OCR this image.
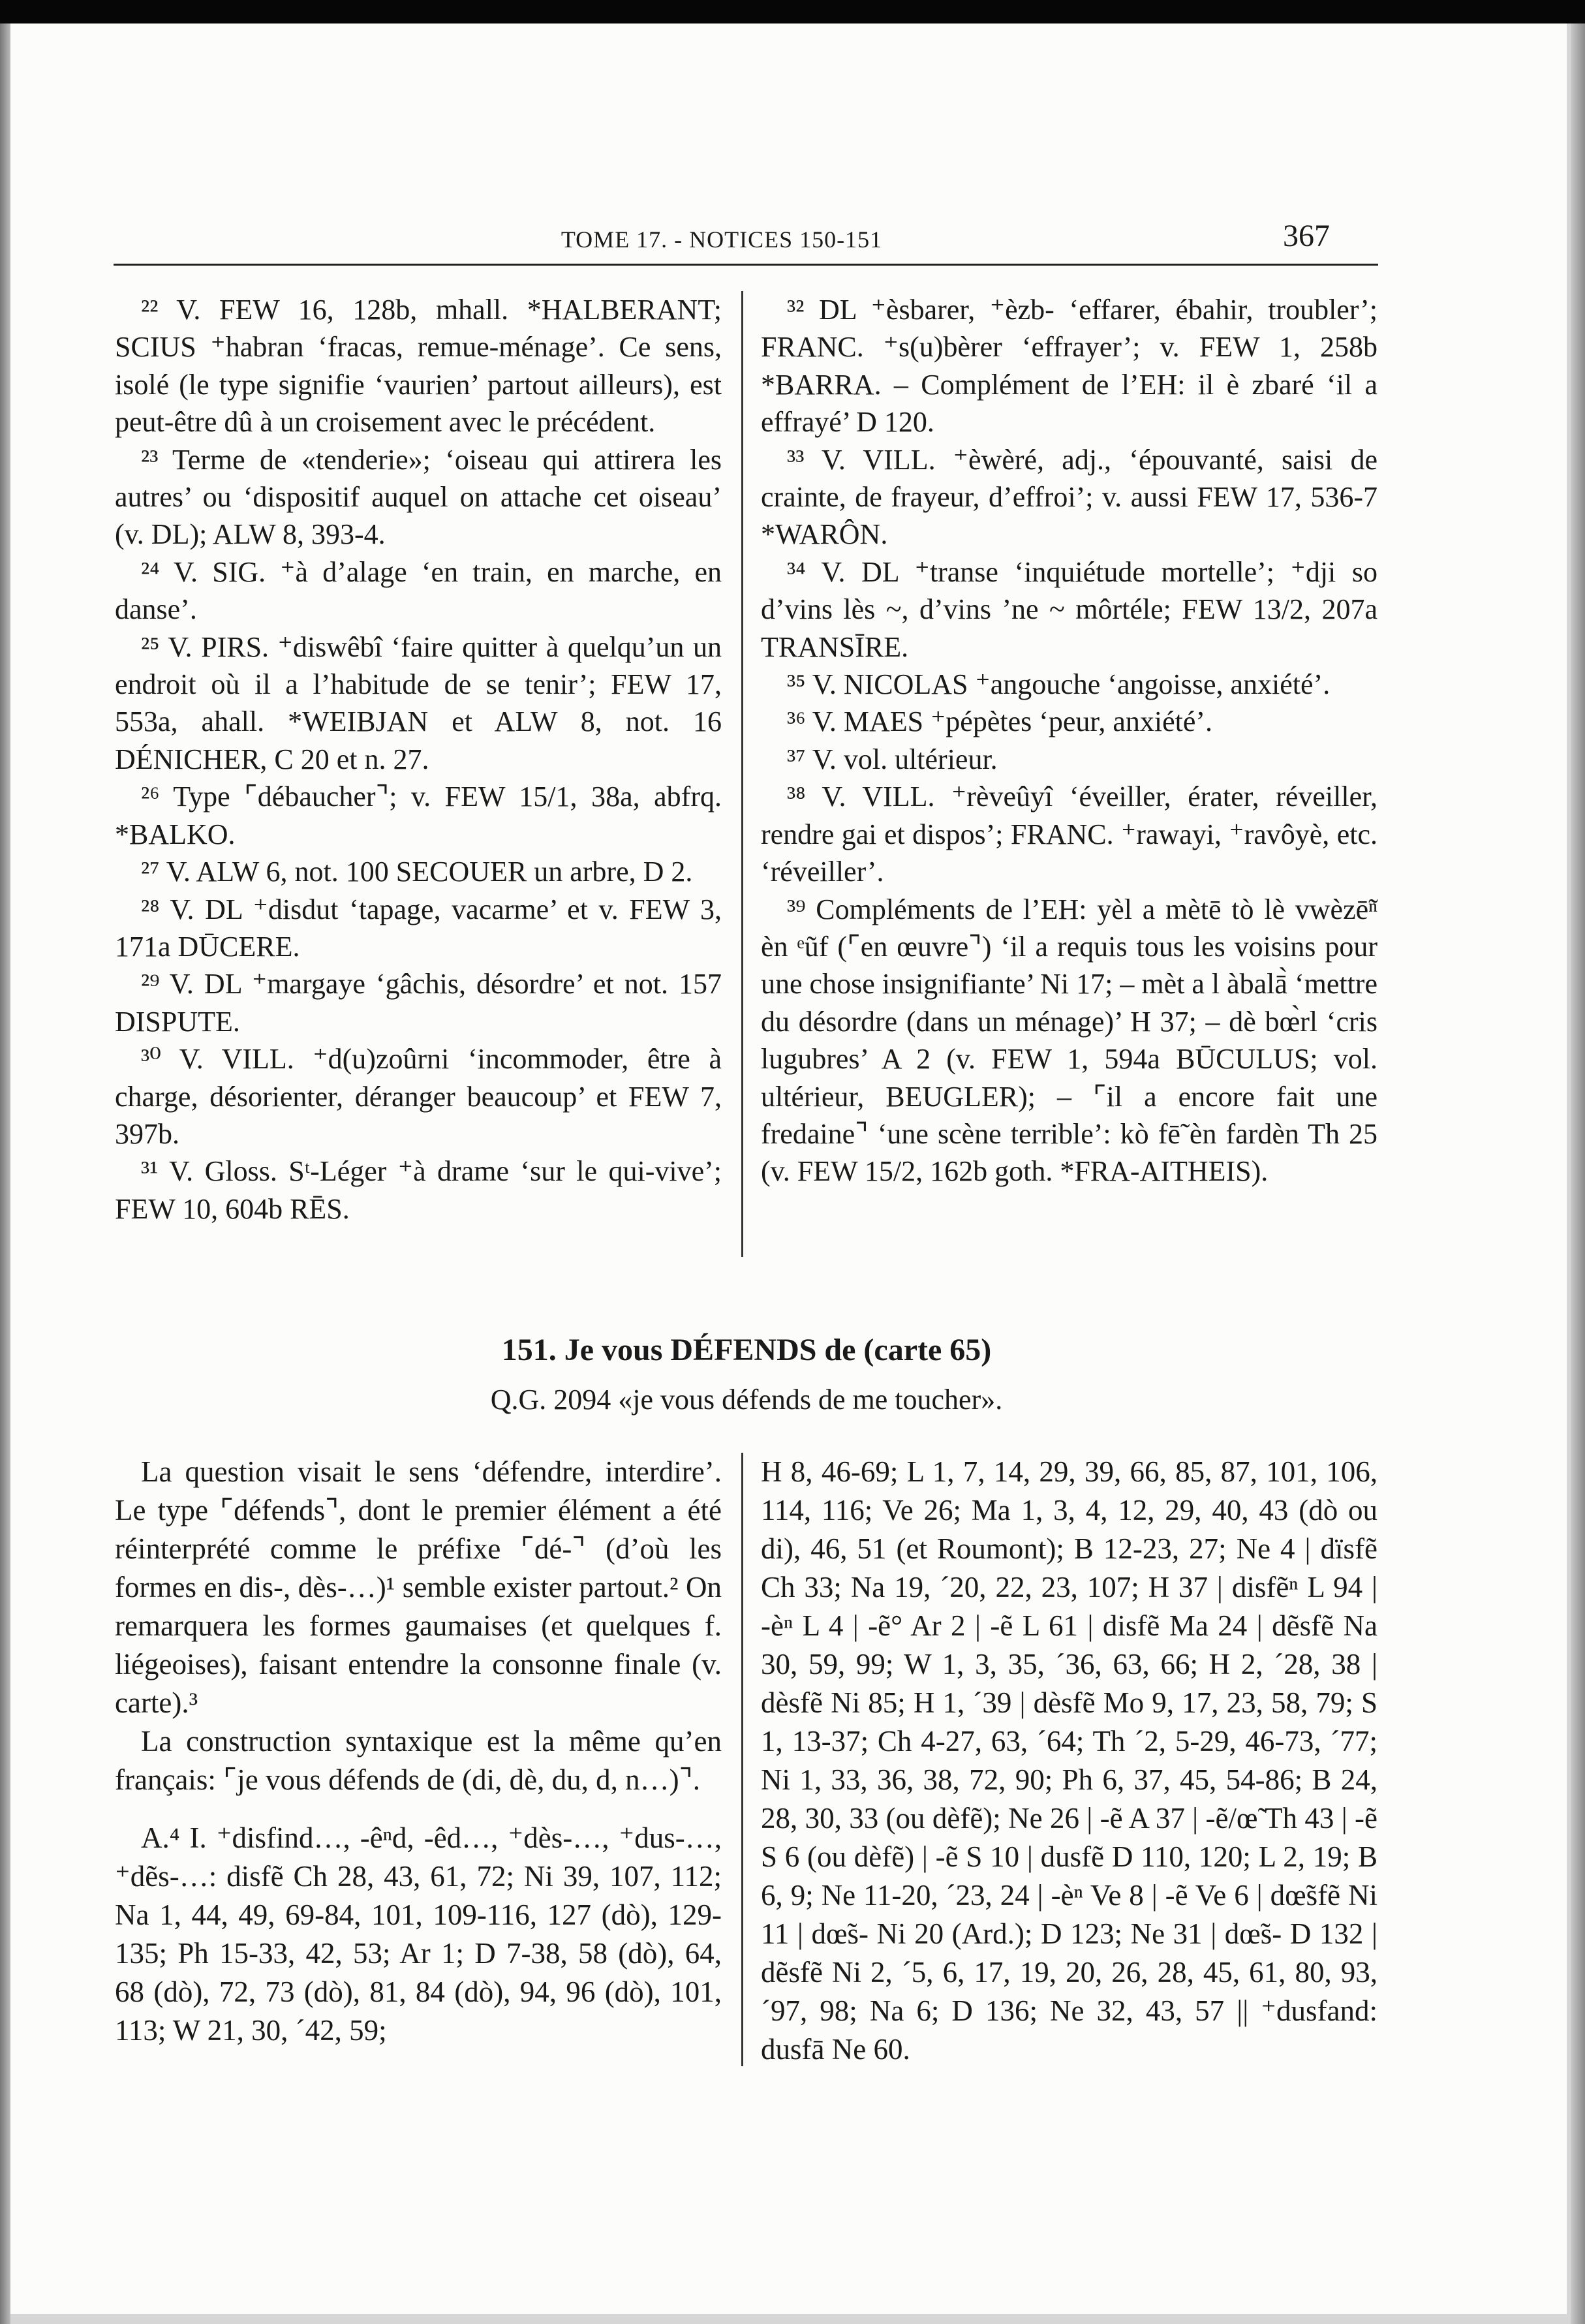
TOME 17. - NOTICES 150-151	367

²² V. FEW 16, 128b, mhall. *HALBERANT; SCIUS ⁺habran ‘fracas, remue-ménage’. Ce sens, isolé (le type signifie ‘vaurien’ partout ailleurs), est peut-être dû à un croisement avec le précédent.

²³ Terme de «tenderie»; ‘oiseau qui attirera les autres’ ou ‘dispositif auquel on attache cet oiseau’ (v. DL); ALW 8, 393-4.

²⁴ V. SIG. ⁺à d’alage ‘en train, en marche, en danse’.

²⁵ V. PIRS. ⁺diswêbî ‘faire quitter à quelqu’un un endroit où il a l’habitude de se tenir’; FEW 17, 553a, ahall. *WEIBJAN et ALW 8, not. 16 DÉNICHER, C 20 et n. 27.

²⁶ Type ⌜débaucher⌝; v. FEW 15/1, 38a, abfrq. *BALKO.

²⁷ V. ALW 6, not. 100 SECOUER un arbre, D 2.

²⁸ V. DL ⁺disdut ‘tapage, vacarme’ et v. FEW 3, 171a DŪCERE.

²⁹ V. DL ⁺margaye ‘gâchis, désordre’ et not. 157 DISPUTE.

³⁰ V. VILL. ⁺d(u)zoûrni ‘incommoder, être à charge, désorienter, déranger beaucoup’ et FEW 7, 397b.

³¹ V. Gloss. Sᵗ-Léger ⁺à drame ‘sur le qui-vive’; FEW 10, 604b RĒS.

³² DL ⁺èsbarer, ⁺èzb- ‘effarer, ébahir, troubler’; FRANC. ⁺s(u)bèrer ‘effrayer’; v. FEW 1, 258b *BARRA. – Complément de l’EH: il è zbaré ‘il a effrayé’ D 120.

³³ V. VILL. ⁺èwèré, adj., ‘épouvanté, saisi de crainte, de frayeur, d’effroi’; v. aussi FEW 17, 536-7 *WARÔN.

³⁴ V. DL ⁺transe ‘inquiétude mortelle’; ⁺dji so d’vins lès ~, d’vins ’ne ~ môrtéle; FEW 13/2, 207a TRANSĪRE.

³⁵ V. NICOLAS ⁺angouche ‘angoisse, anxiété’.

³⁶ V. MAES ⁺pépètes ‘peur, anxiété’.

³⁷ V. vol. ultérieur.

³⁸ V. VILL. ⁺rèveûyî ‘éveiller, érater, réveiller, rendre gai et dispos’; FRANC. ⁺rawayi, ⁺ravôyè, etc. ‘réveiller’.

³⁹ Compléments de l’EH: yèl a mètē tò lè vwèzē̃ⁿ èn ᵉũf (⌜en œuvre⌝) ‘il a requis tous les voisins pour une chose insignifiante’ Ni 17; – mèt a l àbalā̀ ‘mettre du désordre (dans un ménage)’ H 37; – dè bœ̀rl ‘cris lugubres’ A 2 (v. FEW 1, 594a BŪCULUS; vol. ultérieur, BEUGLER); – ⌜il a encore fait une fredaine⌝ ‘une scène terrible’: kò fē̃ èn fardèn Th 25 (v. FEW 15/2, 162b goth. *FRA-AITHEIS).

151. Je vous DÉFENDS de (carte 65)
Q.G. 2094 «je vous défends de me toucher».

La question visait le sens ‘défendre, interdire’. Le type ⌜défends⌝, dont le premier élément a été réinterprété comme le préfixe ⌜dé-⌝ (d’où les formes en dis-, dès-…)¹ semble exister partout.² On remarquera les formes gaumaises (et quelques f. liégeoises), faisant entendre la consonne finale (v. carte).³

La construction syntaxique est la même qu’en français: ⌜je vous défends de (di, dè, du, d, n…)⌝.

A.⁴ I. ⁺disfind…, -êⁿd, -êd…, ⁺dès-…, ⁺dus-…, ⁺dẽs-…: disfẽ Ch 28, 43, 61, 72; Ni 39, 107, 112; Na 1, 44, 49, 69-84, 101, 109-116, 127 (dò), 129-135; Ph 15-33, 42, 53; Ar 1; D 7-38, 58 (dò), 64, 68 (dò), 72, 73 (dò), 81, 84 (dò), 94, 96 (dò), 101, 113; W 21, 30, ´42, 59;

H 8, 46-69; L 1, 7, 14, 29, 39, 66, 85, 87, 101, 106, 114, 116; Ve 26; Ma 1, 3, 4, 12, 29, 40, 43 (dò ou di), 46, 51 (et Roumont); B 12-23, 27; Ne 4 | dïsfẽ Ch 33; Na 19, ´20, 22, 23, 107; H 37 | disfẽⁿ L 94 | -èⁿ L 4 | -ẽ° Ar 2 | -ẽ L 61 | disfẽ Ma 24 | dẽsfẽ Na 30, 59, 99; W 1, 3, 35, ´36, 63, 66; H 2, ´28, 38 | dèsfẽ Ni 85; H 1, ´39 | dèsfẽ Mo 9, 17, 23, 58, 79; S 1, 13-37; Ch 4-27, 63, ´64; Th ´2, 5-29, 46-73, ´77; Ni 1, 33, 36, 38, 72, 90; Ph 6, 37, 45, 54-86; B 24, 28, 30, 33 (ou dèfẽ); Ne 26 | -ẽ A 37 | -ẽ/œ̃ Th 43 | -ẽ S 6 (ou dèfẽ) | -ẽ S 10 | dusfẽ D 110, 120; L 2, 19; B 6, 9; Ne 11-20, ´23, 24 | -èⁿ Ve 8 | -ẽ Ve 6 | dœ̃sfẽ Ni 11 | dœ̃s- Ni 20 (Ard.); D 123; Ne 31 | dœ̃s- D 132 | dẽsfẽ Ni 2, ´5, 6, 17, 19, 20, 26, 28, 45, 61, 80, 93, ´97, 98; Na 6; D 136; Ne 32, 43, 57 || ⁺dusfand: dusfā Ne 60.
